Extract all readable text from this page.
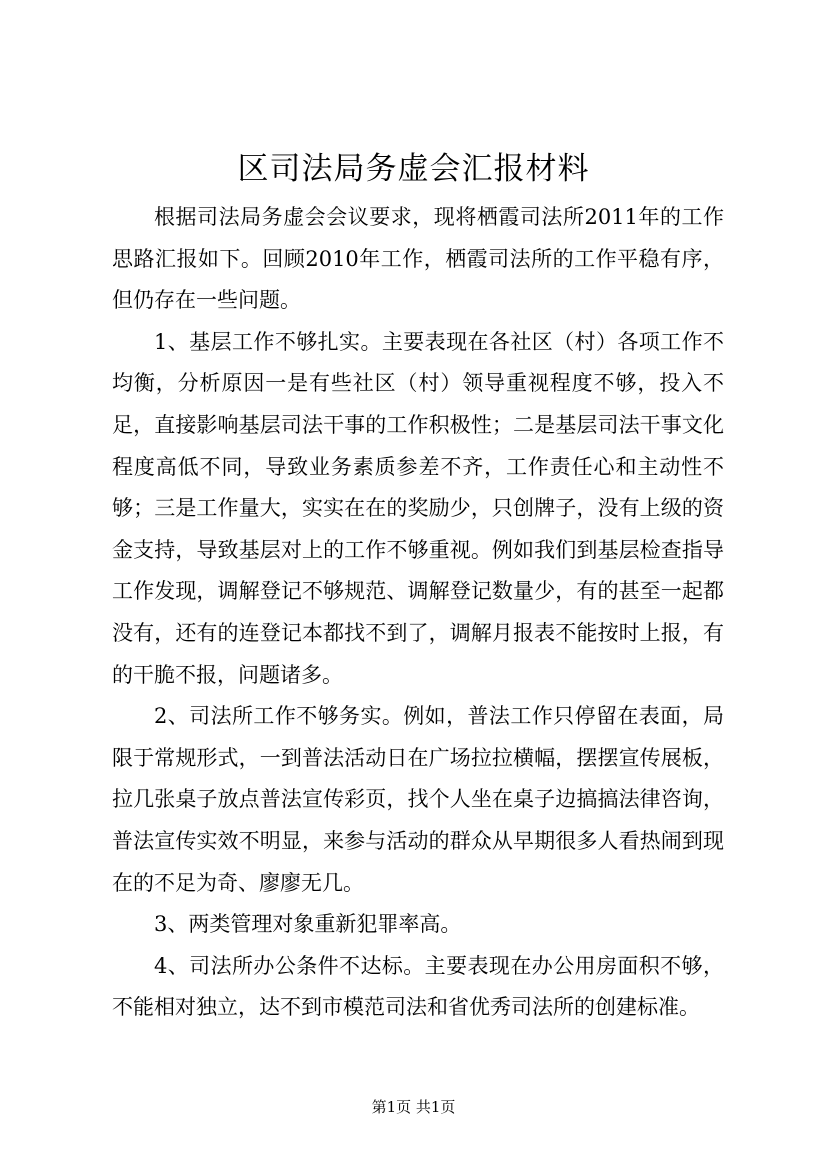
区司法局务虚会汇报材料

根据司法局务虚会会议要求，现将栖霞司法所2011年的工作思路汇报如下。回顾2010年工作，栖霞司法所的工作平稳有序，但仍存在一些问题。

1、基层工作不够扎实。主要表现在各社区（村）各项工作不均衡，分析原因一是有些社区（村）领导重视程度不够，投入不足，直接影响基层司法干事的工作积极性；二是基层司法干事文化程度高低不同，导致业务素质参差不齐，工作责任心和主动性不够；三是工作量大，实实在在的奖励少，只创牌子，没有上级的资金支持，导致基层对上的工作不够重视。例如我们到基层检查指导工作发现，调解登记不够规范、调解登记数量少，有的甚至一起都没有，还有的连登记本都找不到了，调解月报表不能按时上报，有的干脆不报，问题诸多。

2、司法所工作不够务实。例如，普法工作只停留在表面，局限于常规形式，一到普法活动日在广场拉拉横幅，摆摆宣传展板，拉几张桌子放点普法宣传彩页，找个人坐在桌子边搞搞法律咨询，普法宣传实效不明显，来参与活动的群众从早期很多人看热闹到现在的不足为奇、廖廖无几。

3、两类管理对象重新犯罪率高。

4、司法所办公条件不达标。主要表现在办公用房面积不够，不能相对独立，达不到市模范司法和省优秀司法所的创建标准。

第1页 共1页
